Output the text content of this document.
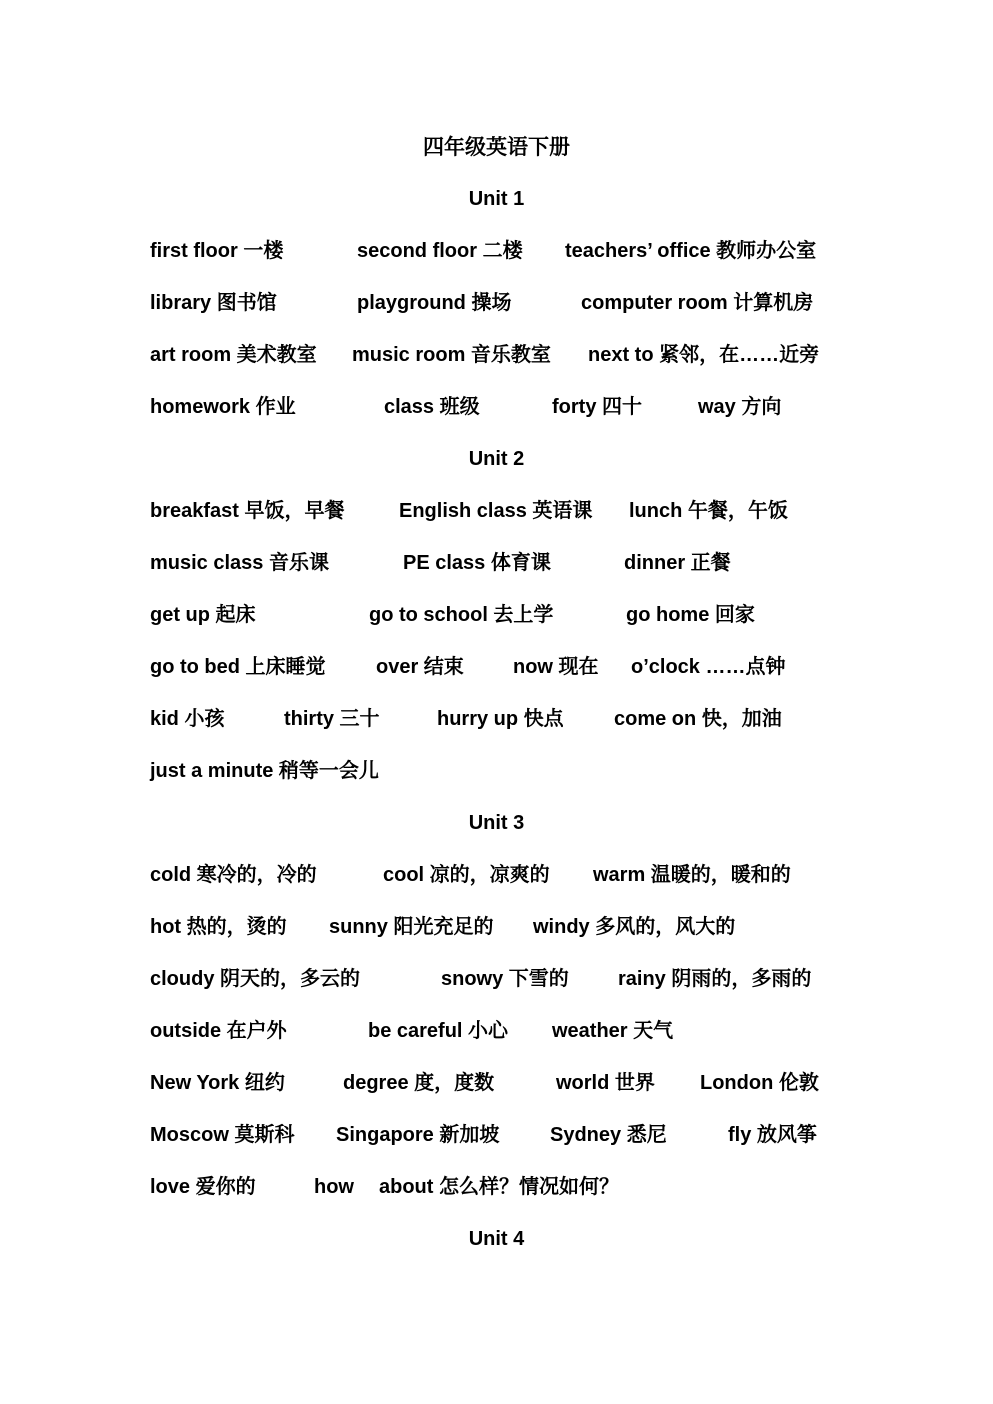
四年级英语下册
Unit 1
first floor 一楼	second floor 二楼 teachers’ office 教师办公室
library 图书馆	playground 操场	computer room 计算机房
art room 美术教室 music room 音乐教室 next to 紧邻，在……近旁
homework 作业	class 班级	forty 四十	way 方向
Unit 2
breakfast 早饭，早餐	English class 英语课 lunch 午餐，午饭
music class 音乐课	PE class 体育课	dinner 正餐
get up 起床	go to school 去上学	go home 回家
go to bed 上床睡觉	over 结束 now 现在 o’clock ……点钟
kid 小孩	thirty 三十	hurry up 快点	come on 快，加油
just a minute 稍等一会儿
Unit 3
cold 寒冷的，冷的	cool 凉的，凉爽的 warm 温暖的，暖和的
hot 热的，烫的 sunny 阳光充足的 windy 多风的，风大的
cloudy 阴天的，多云的	snowy 下雪的 rainy 阴雨的，多雨的
outside 在户外	be careful 小心 weather 天气
New York 纽约	degree 度，度数	world 世界 London 伦敦
Moscow 莫斯科 Singapore 新加坡	Sydney 悉尼	fly 放风筝
love 爱你的	how about 怎么样？情况如何？
Unit 4
